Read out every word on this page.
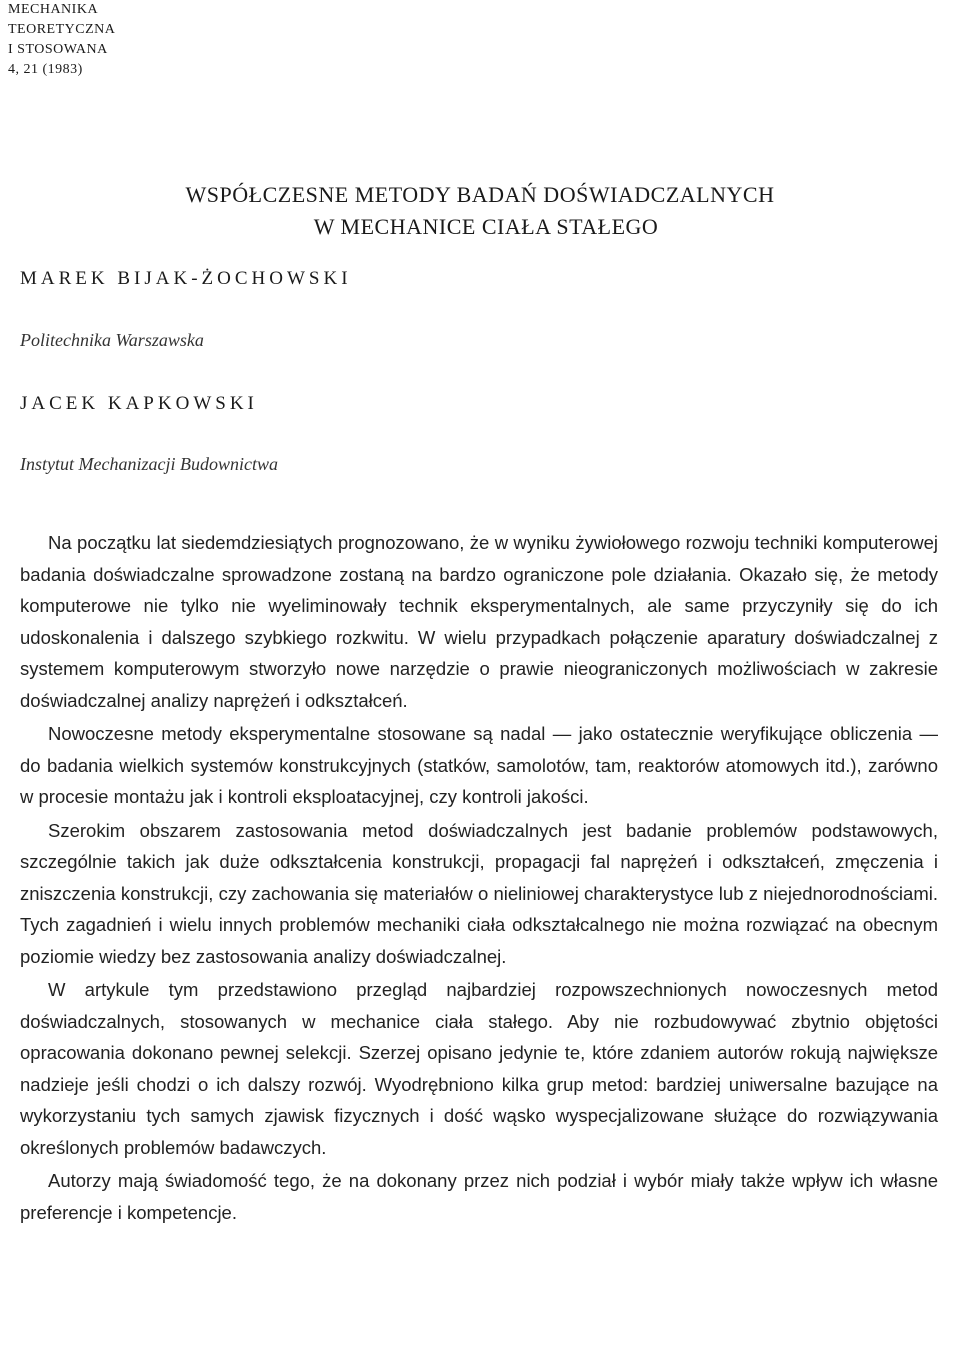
MECHANIKA
TEORETYCZNA
I STOSOWANA
4, 21 (1983)
WSPÓŁCZESNE METODY BADAŃ DOŚWIADCZALNYCH
W MECHANICE CIAŁA STAŁEGO
MAREK BIJAK-ŻOCHOWSKI
Politechnika Warszawska
JACEK KAPKOWSKI
Instytut Mechanizacji Budownictwa

Na początku lat siedemdziesiątych prognozowano, że w wyniku żywiołowego rozwoju techniki komputerowej badania doświadczalne sprowadzone zostaną na bardzo ograniczone pole działania. Okazało się, że metody komputerowe nie tylko nie wyeliminowały technik eksperymentalnych, ale same przyczyniły się do ich udoskonalenia i dalszego szybkiego rozkwitu. W wielu przypadkach połączenie aparatury doświadczalnej z systemem komputerowym stworzyło nowe narzędzie o prawie nieograniczonych możliwościach w zakresie doświadczalnej analizy naprężeń i odkształceń.

Nowoczesne metody eksperymentalne stosowane są nadal — jako ostatecznie weryfikujące obliczenia — do badania wielkich systemów konstrukcyjnych (statków, samolotów, tam, reaktorów atomowych itd.), zarówno w procesie montażu jak i kontroli eksploatacyjnej, czy kontroli jakości.

Szerokim obszarem zastosowania metod doświadczalnych jest badanie problemów podstawowych, szczególnie takich jak duże odkształcenia konstrukcji, propagacji fal naprężeń i odkształceń, zmęczenia i zniszczenia konstrukcji, czy zachowania się materiałów o nieliniowej charakterystyce lub z niejednorodnościami. Tych zagadnień i wielu innych problemów mechaniki ciała odkształcalnego nie można rozwiązać na obecnym poziomie wiedzy bez zastosowania analizy doświadczalnej.

W artykule tym przedstawiono przegląd najbardziej rozpowszechnionych nowoczesnych metod doświadczalnych, stosowanych w mechanice ciała stałego. Aby nie rozbudowywać zbytnio objętości opracowania dokonano pewnej selekcji. Szerzej opisano jedynie te, które zdaniem autorów rokują największe nadzieje jeśli chodzi o ich dalszy rozwój. Wyodrębniono kilka grup metod: bardziej uniwersalne bazujące na wykorzystaniu tych samych zjawisk fizycznych i dość wąsko wyspecjalizowane służące do rozwiązywania określonych problemów badawczych.

Autorzy mają świadomość tego, że na dokonany przez nich podział i wybór miały także wpływ ich własne preferencje i kompetencje.
